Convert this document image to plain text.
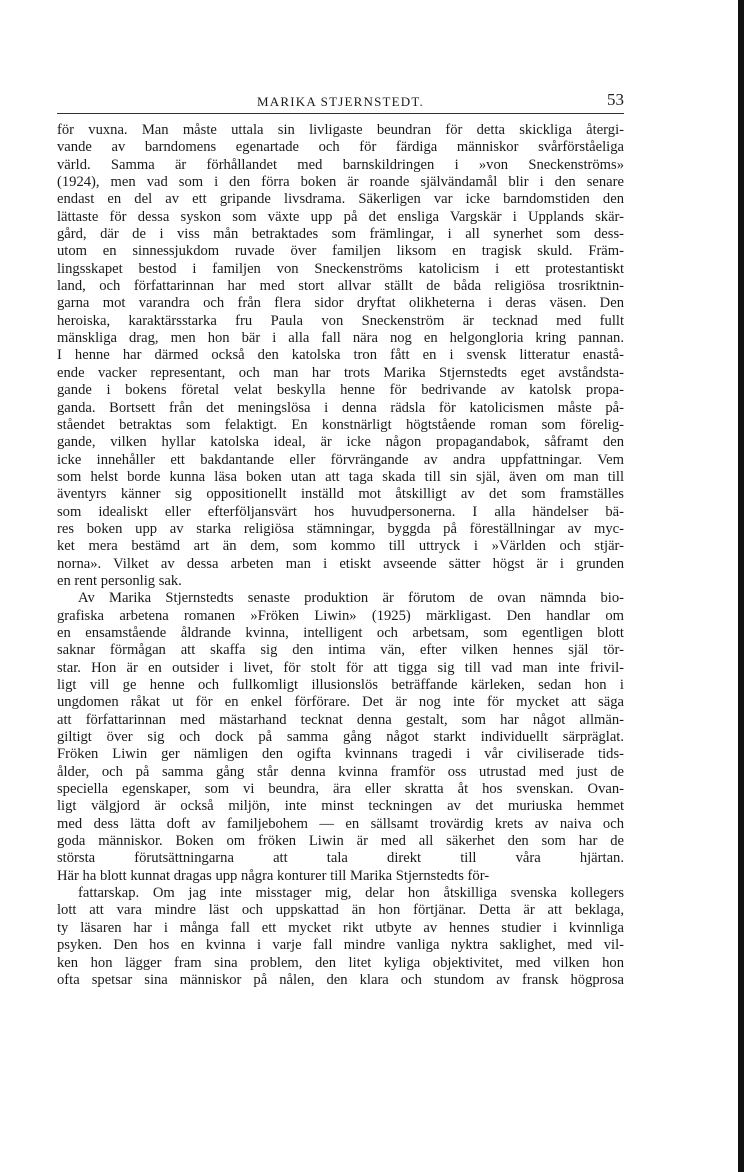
MARIKA STJERNSTEDT.	53
för vuxna. Man måste uttala sin livligaste beundran för detta skickliga återgi-
vande av barndomens egenartade och för färdiga människor svårförståeliga
värld. Samma är förhållandet med barnskildringen i »von Sneckenströms»
(1924), men vad som i den förra boken är roande självändamål blir i den senare
endast en del av ett gripande livsdrama. Säkerligen var icke barndomstiden den
lättaste för dessa syskon som växte upp på det ensliga Vargskär i Upplands skär-
gård, där de i viss mån betraktades som främlingar, i all synerhet som dess-
utom en sinnessjukdom ruvade över familjen liksom en tragisk skuld. Främ-
lingsskapet bestod i familjen von Sneckenströms katolicism i ett protestantiskt
land, och författarinnan har med stort allvar ställt de båda religiösa trosriktnin-
garna mot varandra och från flera sidor dryftat olikheterna i deras väsen. Den
heroiska, karaktärsstarka fru Paula von Sneckenström är tecknad med fullt
mänskliga drag, men hon bär i alla fall nära nog en helgongloria kring pannan.
I henne har därmed också den katolska tron fått en i svensk litteratur enastå-
ende vacker representant, och man har trots Marika Stjernstedts eget avståndsta-
gande i bokens företal velat beskylla henne för bedrivande av katolsk propa-
ganda. Bortsett från det meningslösa i denna rädsla för katolicismen måste på-
ståendet betraktas som felaktigt. En konstnärligt högtstående roman som förelig-
gande, vilken hyllar katolska ideal, är icke någon propagandabok, såframt den
icke innehåller ett bakdantande eller förvrängande av andra uppfattningar. Vem
som helst borde kunna läsa boken utan att taga skada till sin själ, även om man till
äventyrs känner sig oppositionellt inställd mot åtskilligt av det som framställes
som idealiskt eller efterföljansvärt hos huvudpersonerna. I alla händelser bä-
res boken upp av starka religiösa stämningar, byggda på föreställningar av myc-
ket mera bestämd art än dem, som kommo till uttryck i »Världen och stjär-
norna». Vilket av dessa arbeten man i etiskt avseende sätter högst är i grunden
en rent personlig sak.
Av Marika Stjernstedts senaste produktion är förutom de ovan nämnda bio-
grafiska arbetena romanen »Fröken Liwin» (1925) märkligast. Den handlar om
en ensamstående åldrande kvinna, intelligent och arbetsam, som egentligen blott
saknar förmågan att skaffa sig den intima vän, efter vilken hennes själ tör-
star. Hon är en outsider i livet, för stolt för att tigga sig till vad man inte frivil-
ligt vill ge henne och fullkomligt illusionslös beträffande kärleken, sedan hon i
ungdomen råkat ut för en enkel förförare. Det är nog inte för mycket att säga
att författarinnan med mästarhand tecknat denna gestalt, som har något allmän-
giltigt över sig och dock på samma gång något starkt individuellt särpräglat.
Fröken Liwin ger nämligen den ogifta kvinnans tragedi i vår civiliserade tids-
ålder, och på samma gång står denna kvinna framför oss utrustad med just de
speciella egenskaper, som vi beundra, ära eller skratta åt hos svenskan. Ovan-
ligt välgjord är också miljön, inte minst teckningen av det muriuska hemmet
med dess lätta doft av familjebohem — en sällsamt trovärdig krets av naiva och
goda människor. Boken om fröken Liwin är med all säkerhet den som har de
största förutsättningarna att tala direkt till våra hjärtan.
Här ha blott kunnat dragas upp några konturer till Marika Stjernstedts för-
fattarskap. Om jag inte misstager mig, delar hon åtskilliga svenska kollegers
lott att vara mindre läst och uppskattad än hon förtjänar. Detta är att beklaga,
ty läsaren har i många fall ett mycket rikt utbyte av hennes studier i kvinnliga
psyken. Den hos en kvinna i varje fall mindre vanliga nyktra saklighet, med vil-
ken hon lägger fram sina problem, den litet kyliga objektivitet, med vilken hon
ofta spetsar sina människor på nålen, den klara och stundom av fransk högprosa
